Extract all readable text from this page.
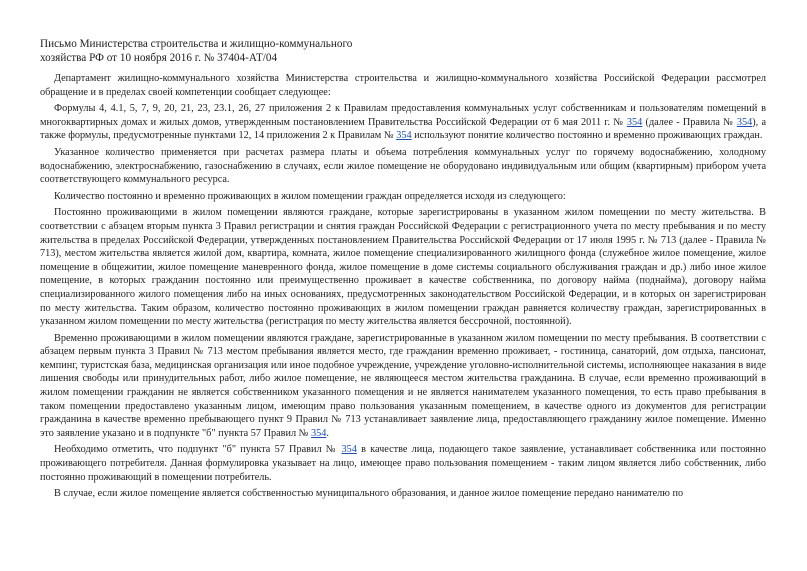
Письмо Министерства строительства и жилищно-коммунального
хозяйства РФ от 10 ноября 2016 г. № 37404-АТ/04

Департамент жилищно-коммунального хозяйства Министерства строительства и жилищно-коммунального хозяйства Российской Федерации рассмотрел обращение и в пределах своей компетенции сообщает следующее:

Формулы 4, 4.1, 5, 7, 9, 20, 21, 23, 23.1, 26, 27 приложения 2 к Правилам предоставления коммунальных услуг собственникам и пользователям помещений в многоквартирных домах и жилых домов, утвержденным постановлением Правительства Российской Федерации от 6 мая 2011 г. № 354 (далее - Правила № 354), а также формулы, предусмотренные пунктами 12, 14 приложения 2 к Правилам № 354 используют понятие количество постоянно и временно проживающих граждан.

Указанное количество применяется при расчетах размера платы и объема потребления коммунальных услуг по горячему водоснабжению, холодному водоснабжению, электроснабжению, газоснабжению в случаях, если жилое помещение не оборудовано индивидуальным или общим (квартирным) прибором учета соответствующего коммунального ресурса.

Количество постоянно и временно проживающих в жилом помещении граждан определяется исходя из следующего:

Постоянно проживающими в жилом помещении являются граждане, которые зарегистрированы в указанном жилом помещении по месту жительства. В соответствии с абзацем вторым пункта 3 Правил регистрации и снятия граждан Российской Федерации с регистрационного учета по месту пребывания и по месту жительства в пределах Российской Федерации, утвержденных постановлением Правительства Российской Федерации от 17 июля 1995 г. № 713 (далее - Правила № 713), местом жительства является жилой дом, квартира, комната, жилое помещение специализированного жилищного фонда (служебное жилое помещение, жилое помещение в общежитии, жилое помещение маневренного фонда, жилое помещение в доме системы социального обслуживания граждан и др.) либо иное жилое помещение, в которых гражданин постоянно или преимущественно проживает в качестве собственника, по договору найма (поднайма), договору найма специализированного жилого помещения либо на иных основаниях, предусмотренных законодательством Российской Федерации, и в которых он зарегистрирован по месту жительства. Таким образом, количество постоянно проживающих в жилом помещении граждан равняется количеству граждан, зарегистрированных в указанном жилом помещении по месту жительства (регистрация по месту жительства является бессрочной, постоянной).

Временно проживающими в жилом помещении являются граждане, зарегистрированные в указанном жилом помещении по месту пребывания. В соответствии с абзацем первым пункта 3 Правил № 713 местом пребывания является место, где гражданин временно проживает, - гостиница, санаторий, дом отдыха, пансионат, кемпинг, туристская база, медицинская организация или иное подобное учреждение, учреждение уголовно-исполнительной системы, исполняющее наказания в виде лишения свободы или принудительных работ, либо жилое помещение, не являющееся местом жительства гражданина. В случае, если временно проживающий в жилом помещении гражданин не является собственником указанного помещения и не является нанимателем указанного помещения, то есть право пребывания в таком помещении предоставлено указанным лицом, имеющим право пользования указанным помещением, в качестве одного из документов для регистрации гражданина в качестве временно пребывающего пункт 9 Правил № 713 устанавливает заявление лица, предоставляющего гражданину жилое помещение. Именно это заявление указано и в подпункте "б" пункта 57 Правил № 354.

Необходимо отметить, что подпункт "б" пункта 57 Правил № 354 в качестве лица, подающего такое заявление, устанавливает собственника или постоянно проживающего потребителя. Данная формулировка указывает на лицо, имеющее право пользования помещением - таким лицом является либо собственник, либо постоянно проживающий в помещении потребитель.

В случае, если жилое помещение является собственностью муниципального образования, и данное жилое помещение передано нанимателю по
